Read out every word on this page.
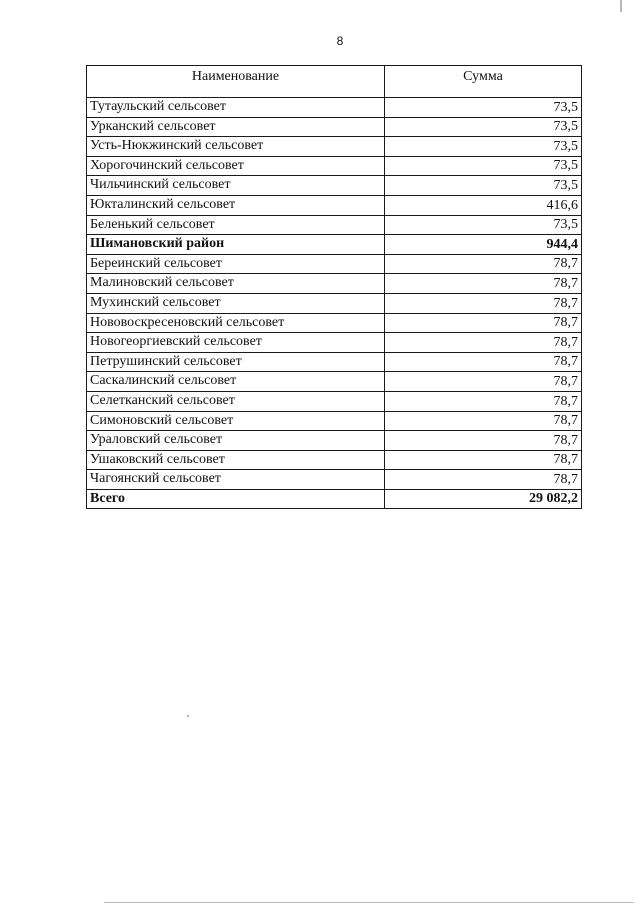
8
Наименование	Сумма
Тутаульский сельсовет	73,5
Урканский сельсовет	73,5
Усть-Нюкжинский сельсовет	73,5
Хорогочинский сельсовет	73,5
Чильчинский сельсовет	73,5
Юкталинский сельсовет	416,6
Беленький сельсовет	73,5
Шимановский район	944,4
Береинский сельсовет	78,7
Малиновский сельсовет	78,7
Мухинский сельсовет	78,7
Нововоскресеновский сельсовет	78,7
Новогеоргиевский сельсовет	78,7
Петрушинский сельсовет	78,7
Саскалинский сельсовет	78,7
Селетканский сельсовет	78,7
Симоновский сельсовет	78,7
Ураловский сельсовет	78,7
Ушаковский сельсовет	78,7
Чагоянский сельсовет	78,7
Всего	29 082,2
